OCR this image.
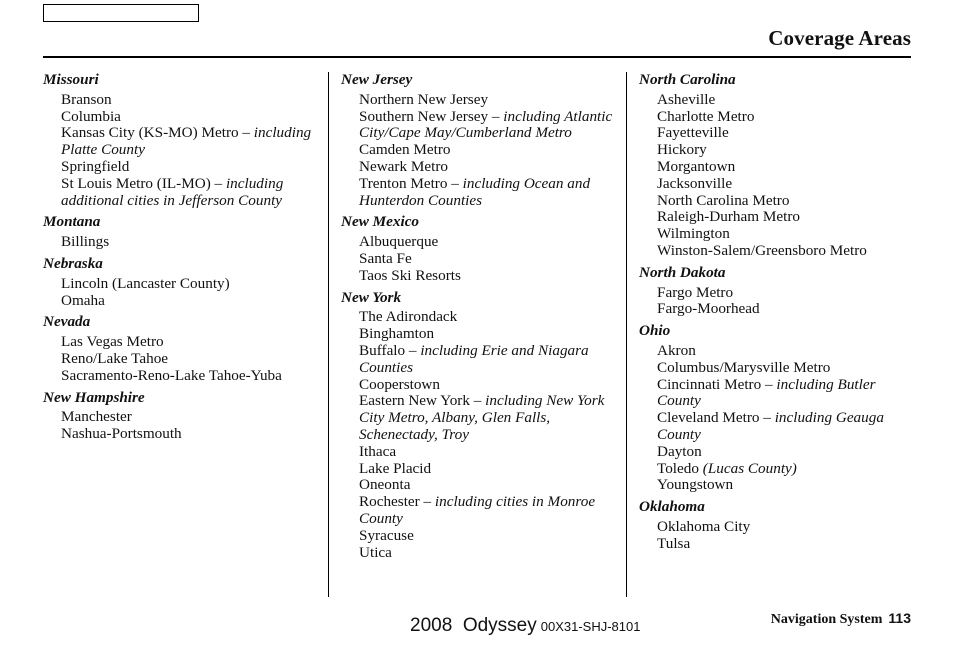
Coverage Areas
Missouri
Branson
Columbia
Kansas City (KS-MO) Metro – including Platte County
Springfield
St Louis Metro (IL-MO) – including additional cities in Jefferson County
Montana
Billings
Nebraska
Lincoln (Lancaster County)
Omaha
Nevada
Las Vegas Metro
Reno/Lake Tahoe
Sacramento-Reno-Lake Tahoe-Yuba
New Hampshire
Manchester
Nashua-Portsmouth
New Jersey
Northern New Jersey
Southern New Jersey – including Atlantic City/Cape May/Cumberland Metro
Camden Metro
Newark Metro
Trenton Metro – including Ocean and Hunterdon Counties
New Mexico
Albuquerque
Santa Fe
Taos Ski Resorts
New York
The Adirondack
Binghamton
Buffalo – including Erie and Niagara Counties
Cooperstown
Eastern New York – including New York City Metro, Albany, Glen Falls, Schenectady, Troy
Ithaca
Lake Placid
Oneonta
Rochester – including cities in Monroe County
Syracuse
Utica
North Carolina
Asheville
Charlotte Metro
Fayetteville
Hickory
Morgantown
Jacksonville
North Carolina Metro
Raleigh-Durham Metro
Wilmington
Winston-Salem/Greensboro Metro
North Dakota
Fargo Metro
Fargo-Moorhead
Ohio
Akron
Columbus/Marysville Metro
Cincinnati Metro – including Butler County
Cleveland Metro – including Geauga County
Dayton
Toledo (Lucas County)
Youngstown
Oklahoma
Oklahoma City
Tulsa
2008  Odyssey 00X31-SHJ-8101	Navigation System 113
